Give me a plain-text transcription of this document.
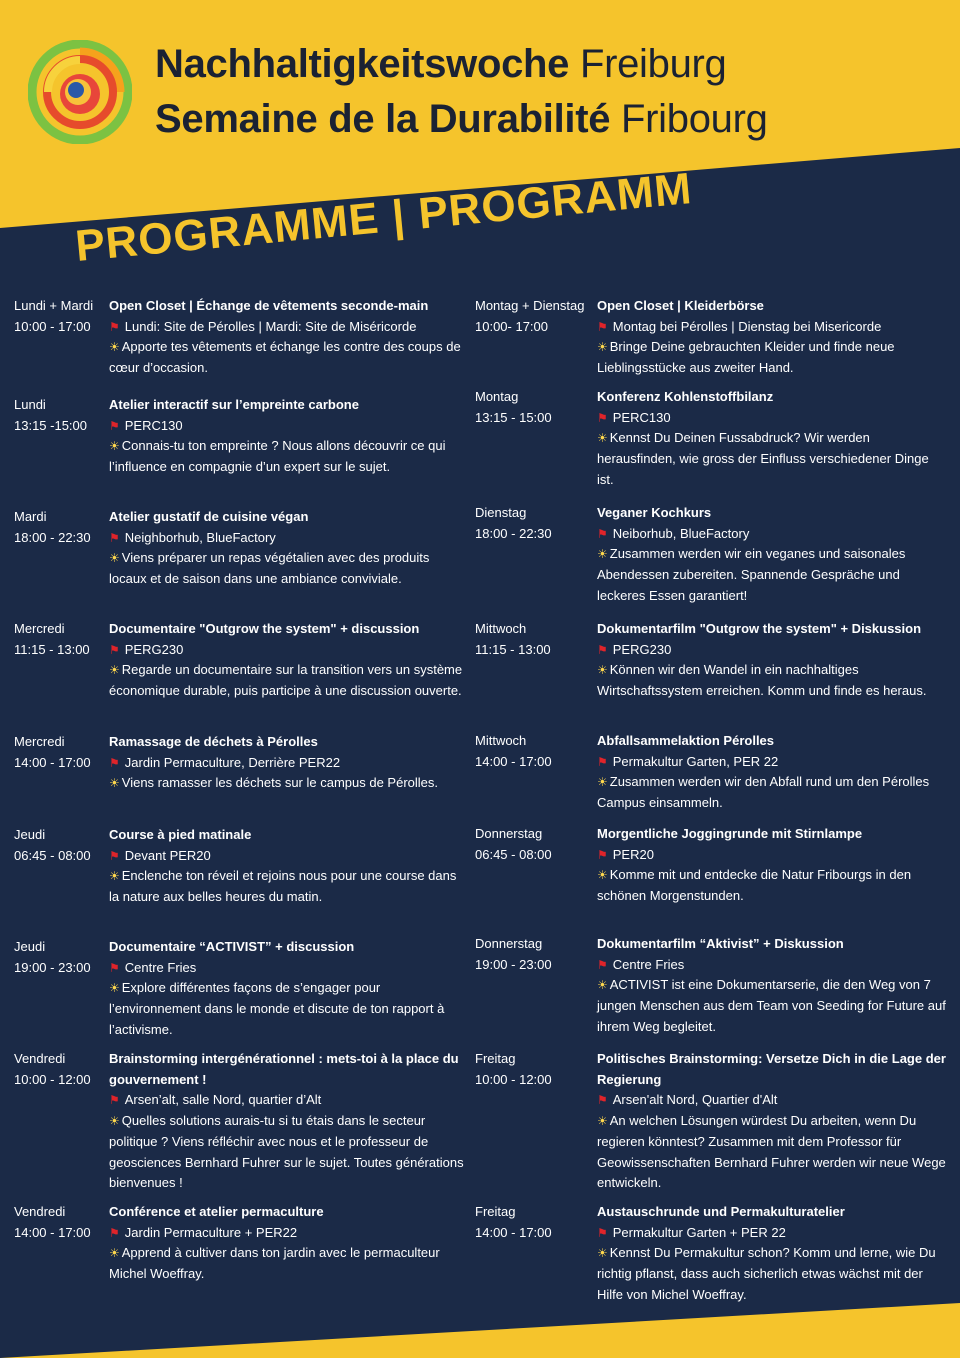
Nachhaltigkeitswoche Freiburg
Semaine de la Durabilité Fribourg
PROGRAMME | PROGRAMM
Lundi + Mardi
10:00 - 17:00
Open Closet | Échange de vêtements seconde-main
⚑ Lundi: Site de Pérolles | Mardi: Site de Miséricorde
☀ Apporte tes vêtements et échange les contre des coups de cœur d’occasion.
Lundi
13:15 -15:00
Atelier interactif sur l’empreinte carbone
⚑ PERC130
☀ Connais-tu ton empreinte ? Nous allons découvrir ce qui l’influence en compagnie d’un expert sur le sujet.
Mardi
18:00 - 22:30
Atelier gustatif de cuisine végan
⚑ Neighborhub, BlueFactory
☀ Viens préparer un repas végétalien avec des produits locaux et de saison dans une ambiance conviviale.
Mercredi
11:15 - 13:00
Documentaire "Outgrow the system" + discussion
⚑ PERG230
☀ Regarde un documentaire sur la transition vers un système économique durable, puis participe à une discussion ouverte.
Mercredi
14:00 - 17:00
Ramassage de déchets à Pérolles
⚑ Jardin Permaculture, Derrière PER22
☀ Viens ramasser les déchets sur le campus de Pérolles.
Jeudi
06:45 - 08:00
Course à pied matinale
⚑ Devant PER20
☀ Enclenche ton réveil et rejoins nous pour une course dans la nature aux belles heures du matin.
Jeudi
19:00 - 23:00
Documentaire “ACTIVIST” + discussion
⚑ Centre Fries
☀ Explore différentes façons de s’engager pour l’environnement dans le monde et discute de ton rapport à l’activisme.
Vendredi
10:00 - 12:00
Brainstorming intergénérationnel : mets-toi à la place du gouvernement !
⚑ Arsen’alt, salle Nord, quartier d’Alt
☀ Quelles solutions aurais-tu si tu étais dans le secteur politique ? Viens réfléchir avec nous et le professeur de geosciences Bernhard Fuhrer sur le sujet. Toutes générations bienvenues !
Vendredi
14:00 - 17:00
Conférence et atelier permaculture
⚑ Jardin Permaculture + PER22
☀ Apprend à cultiver dans ton jardin avec le permaculteur Michel Woeffray.
Montag + Dienstag
10:00- 17:00
Open Closet | Kleiderbörse
⚑ Montag bei Pérolles | Dienstag bei Misericorde
☀ Bringe Deine gebrauchten Kleider und finde neue Lieblingsstücke aus zweiter Hand.
Montag
13:15 - 15:00
Konferenz Kohlenstoffbilanz
⚑ PERC130
☀ Kennst Du Deinen Fussabdruck? Wir werden herausfinden, wie gross der Einfluss verschiedener Dinge ist.
Dienstag
18:00 - 22:30
Veganer Kochkurs
⚑ Neiborhub, BlueFactory
☀ Zusammen werden wir ein veganes und saisonales Abendessen zubereiten. Spannende Gespräche und leckeres Essen garantiert!
Mittwoch
11:15 - 13:00
Dokumentarfilm "Outgrow the system" + Diskussion
⚑ PERG230
☀ Können wir den Wandel in ein nachhaltiges Wirtschaftssystem erreichen. Komm und finde es heraus.
Mittwoch
14:00 - 17:00
Abfallsammelaktion Pérolles
⚑ Permakultur Garten, PER 22
☀ Zusammen werden wir den Abfall rund um den Pérolles Campus einsammeln.
Donnerstag
06:45 - 08:00
Morgentliche Joggingrunde mit Stirnlampe
⚑ PER20
☀ Komme mit und entdecke die Natur Fribourgs in den schönen Morgenstunden.
Donnerstag
19:00 - 23:00
Dokumentarfilm “Aktivist” + Diskussion
⚑ Centre Fries
☀ ACTIVIST ist eine Dokumentarserie, die den Weg von 7 jungen Menschen aus dem Team von Seeding for Future auf ihrem Weg begleitet.
Freitag
10:00 - 12:00
Politisches Brainstorming: Versetze Dich in die Lage der Regierung
⚑ Arsen'alt Nord, Quartier d'Alt
☀ An welchen Lösungen würdest Du arbeiten, wenn Du regieren könntest? Zusammen mit dem Professor für Geowissenschaften Bernhard Fuhrer werden wir neue Wege entwickeln.
Freitag
14:00 - 17:00
Austauschrunde und Permakulturatelier
⚑ Permakultur Garten + PER 22
☀ Kennst Du Permakultur schon? Komm und lerne, wie Du richtig pflanst, dass auch sicherlich etwas wächst mit der Hilfe von Michel Woeffray.
